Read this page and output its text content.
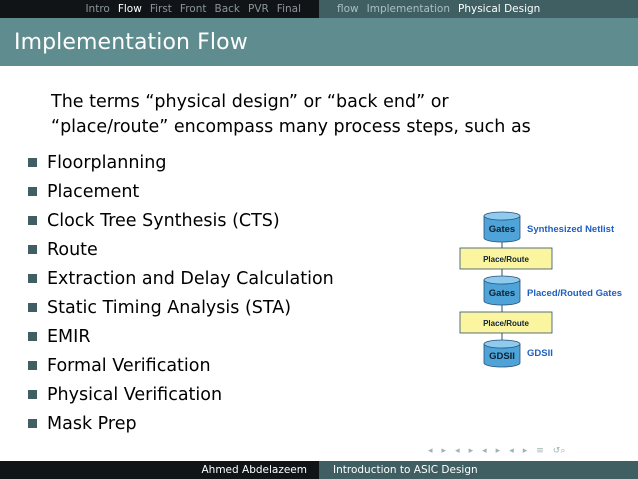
Intro Flow First Front Back PVR Final	flow Implementation Physical Design
Implementation Flow

The terms “physical design” or “back end” or “place/route” encompass many process steps, such as

Floorplanning
Placement
Clock Tree Synthesis (CTS)
Route
Extraction and Delay Calculation
Static Timing Analysis (STA)
EMIR
Formal Verification
Physical Verification
Mask Prep
Gates Synthesized Netlist
Place/Route
Gates Placed/Routed Gates
Place/Route
GDSII GDSII
◂ ▸ ◂ ▸ ◂ ▸ ◂ ▸ ≡ ↺⌕
Ahmed Abdelazeem Introduction to ASIC Design
